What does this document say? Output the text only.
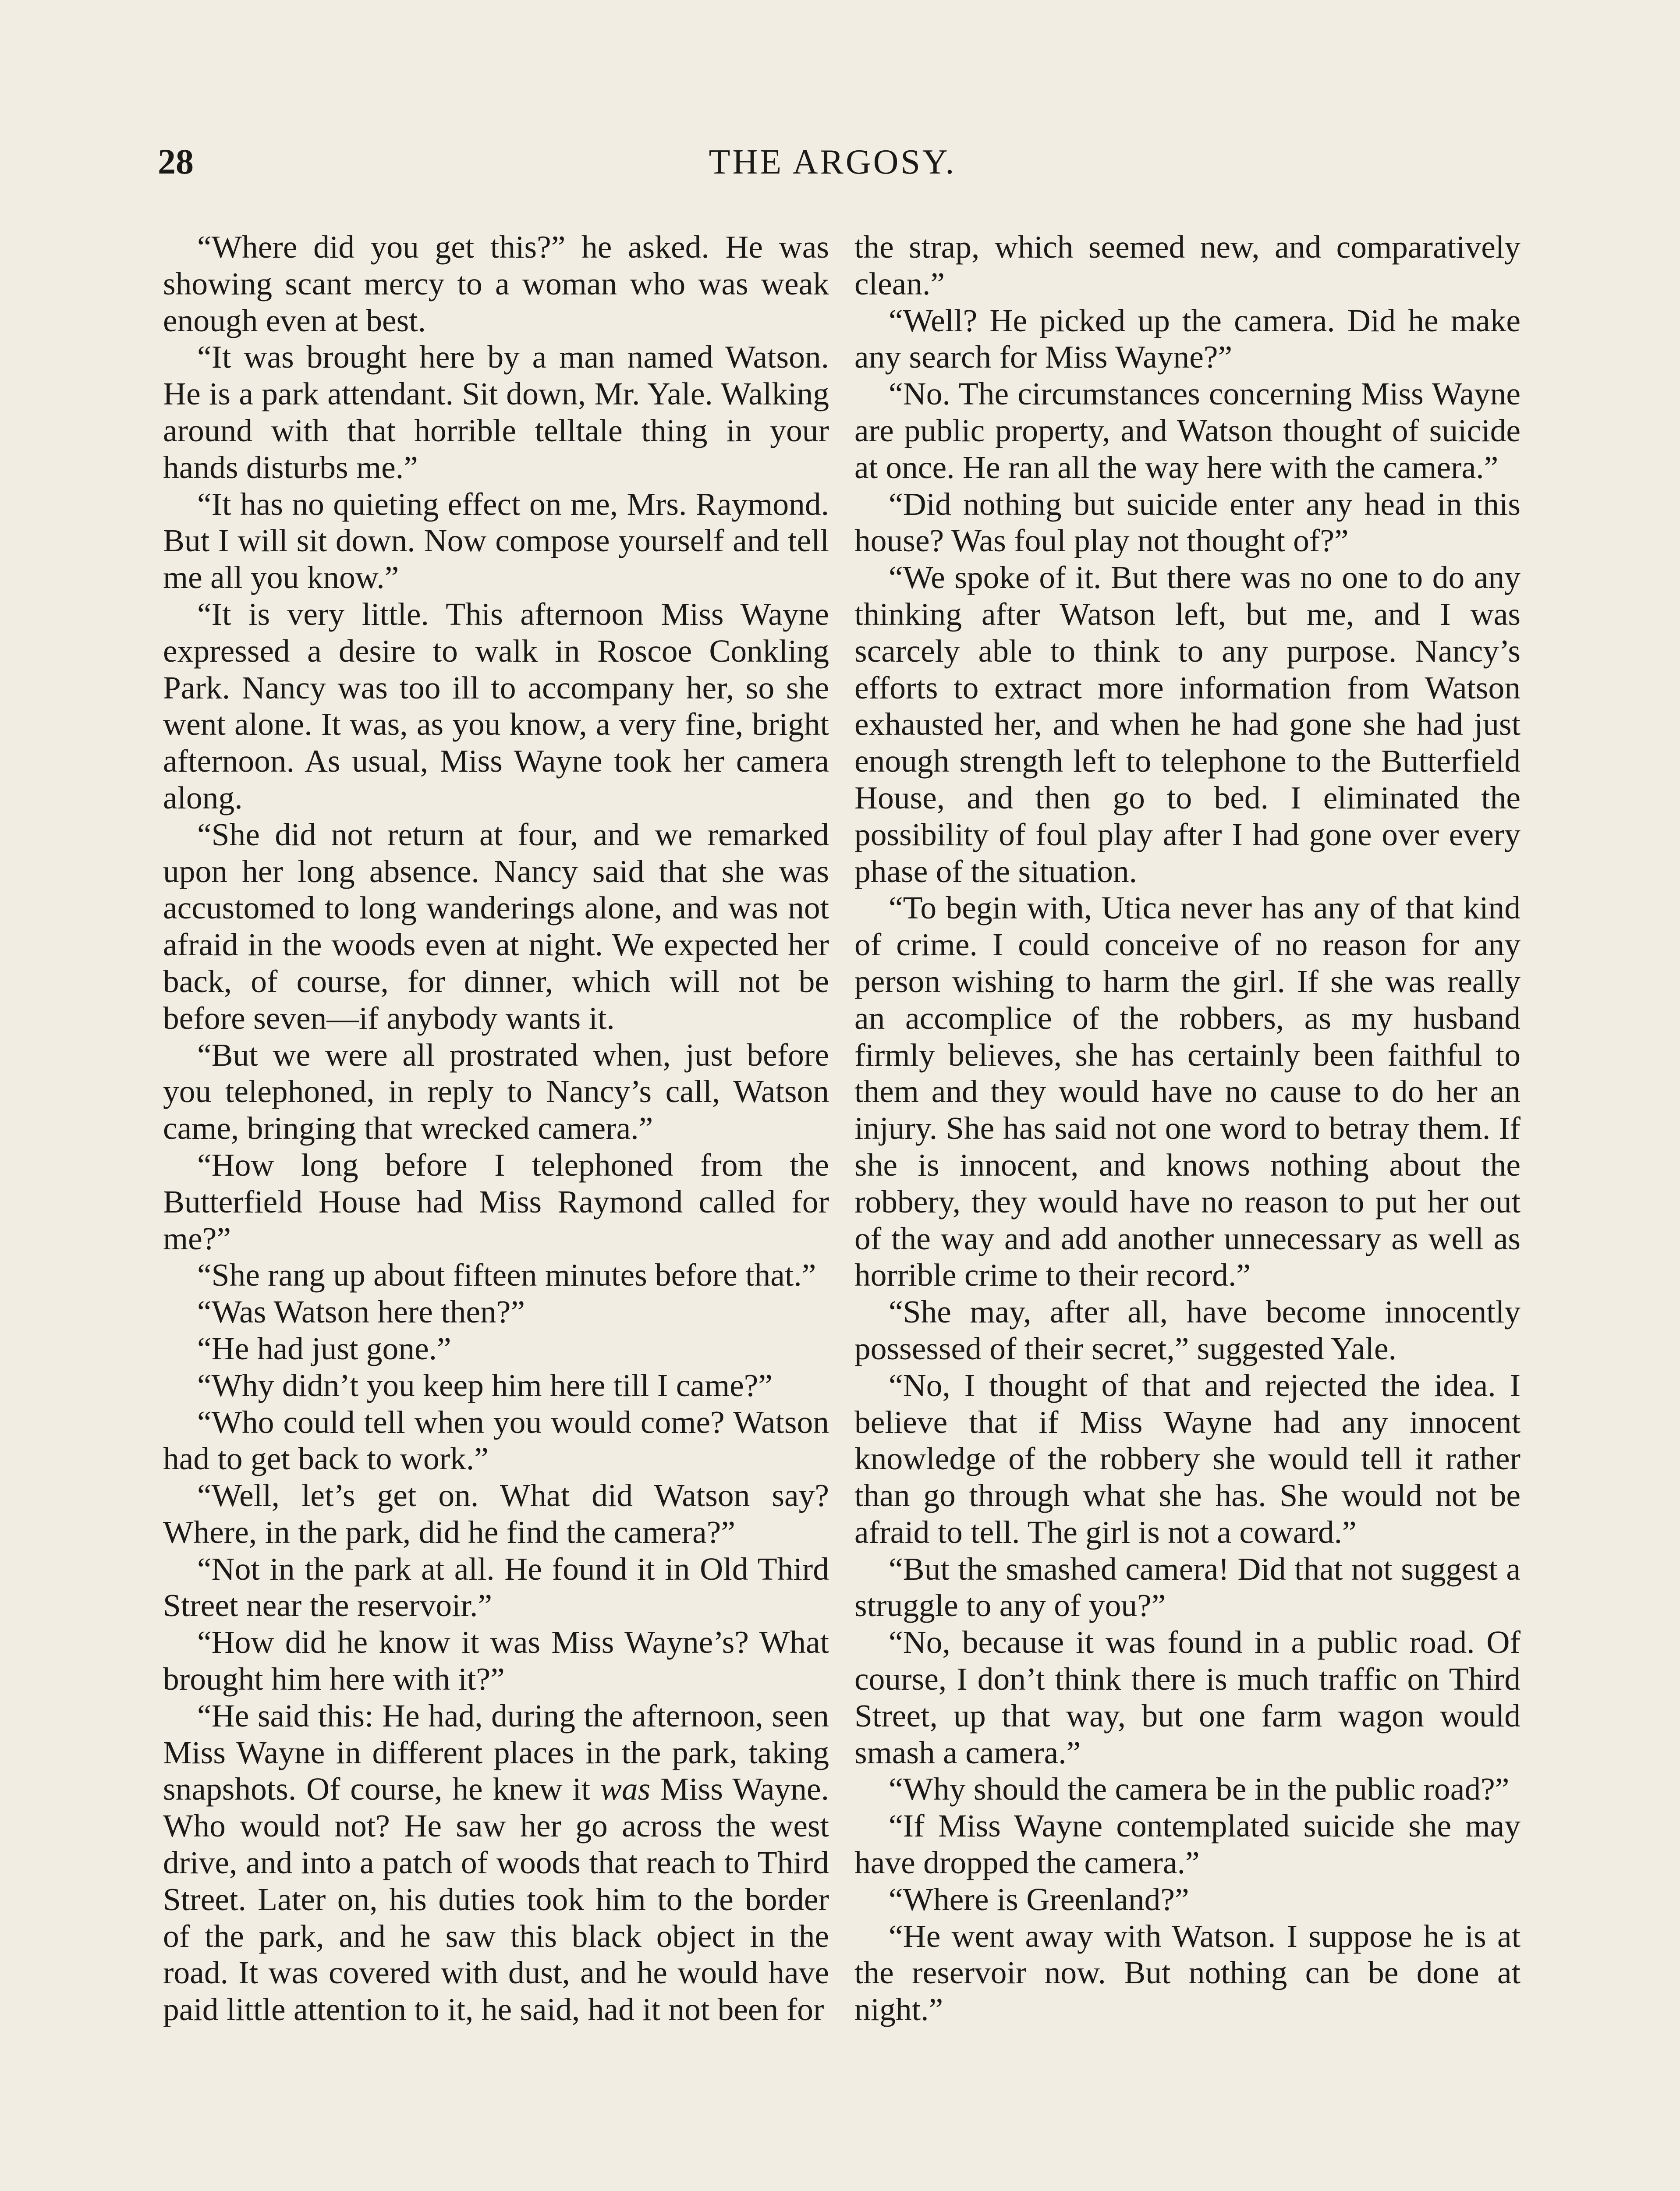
28	THE ARGOSY.

“Where did you get this?” he asked. He was showing scant mercy to a woman who was weak enough even at best.

“It was brought here by a man named Watson. He is a park attendant. Sit down, Mr. Yale. Walking around with that horrible telltale thing in your hands disturbs me.”

“It has no quieting effect on me, Mrs. Raymond. But I will sit down. Now compose yourself and tell me all you know.”

“It is very little. This afternoon Miss Wayne expressed a desire to walk in Roscoe Conkling Park. Nancy was too ill to accompany her, so she went alone. It was, as you know, a very fine, bright afternoon. As usual, Miss Wayne took her camera along.

“She did not return at four, and we remarked upon her long absence. Nancy said that she was accustomed to long wanderings alone, and was not afraid in the woods even at night. We expected her back, of course, for dinner, which will not be before seven—if anybody wants it.

“But we were all prostrated when, just before you telephoned, in reply to Nancy’s call, Watson came, bringing that wrecked camera.”

“How long before I telephoned from the Butterfield House had Miss Raymond called for me?”

“She rang up about fifteen minutes before that.”

“Was Watson here then?”

“He had just gone.”

“Why didn’t you keep him here till I came?”

“Who could tell when you would come? Watson had to get back to work.”

“Well, let’s get on. What did Watson say? Where, in the park, did he find the camera?”

“Not in the park at all. He found it in Old Third Street near the reservoir.”

“How did he know it was Miss Wayne’s? What brought him here with it?”

“He said this: He had, during the afternoon, seen Miss Wayne in different places in the park, taking snapshots. Of course, he knew it was Miss Wayne. Who would not? He saw her go across the west drive, and into a patch of woods that reach to Third Street. Later on, his duties took him to the border of the park, and he saw this black object in the road. It was covered with dust, and he would have paid little attention to it, he said, had it not been for

the strap, which seemed new, and comparatively clean.”

“Well? He picked up the camera. Did he make any search for Miss Wayne?”

“No. The circumstances concerning Miss Wayne are public property, and Watson thought of suicide at once. He ran all the way here with the camera.”

“Did nothing but suicide enter any head in this house? Was foul play not thought of?”

“We spoke of it. But there was no one to do any thinking after Watson left, but me, and I was scarcely able to think to any purpose. Nancy’s efforts to extract more information from Watson exhausted her, and when he had gone she had just enough strength left to telephone to the Butterfield House, and then go to bed. I eliminated the possibility of foul play after I had gone over every phase of the situation.

“To begin with, Utica never has any of that kind of crime. I could conceive of no reason for any person wishing to harm the girl. If she was really an accomplice of the robbers, as my husband firmly believes, she has certainly been faithful to them and they would have no cause to do her an injury. She has said not one word to betray them. If she is innocent, and knows nothing about the robbery, they would have no reason to put her out of the way and add another unnecessary as well as horrible crime to their record.”

“She may, after all, have become innocently possessed of their secret,” suggested Yale.

“No, I thought of that and rejected the idea. I believe that if Miss Wayne had any innocent knowledge of the robbery she would tell it rather than go through what she has. She would not be afraid to tell. The girl is not a coward.”

“But the smashed camera! Did that not suggest a struggle to any of you?”

“No, because it was found in a public road. Of course, I don’t think there is much traffic on Third Street, up that way, but one farm wagon would smash a camera.”

“Why should the camera be in the public road?”

“If Miss Wayne contemplated suicide she may have dropped the camera.”

“Where is Greenland?”

“He went away with Watson. I suppose he is at the reservoir now. But nothing can be done at night.”
